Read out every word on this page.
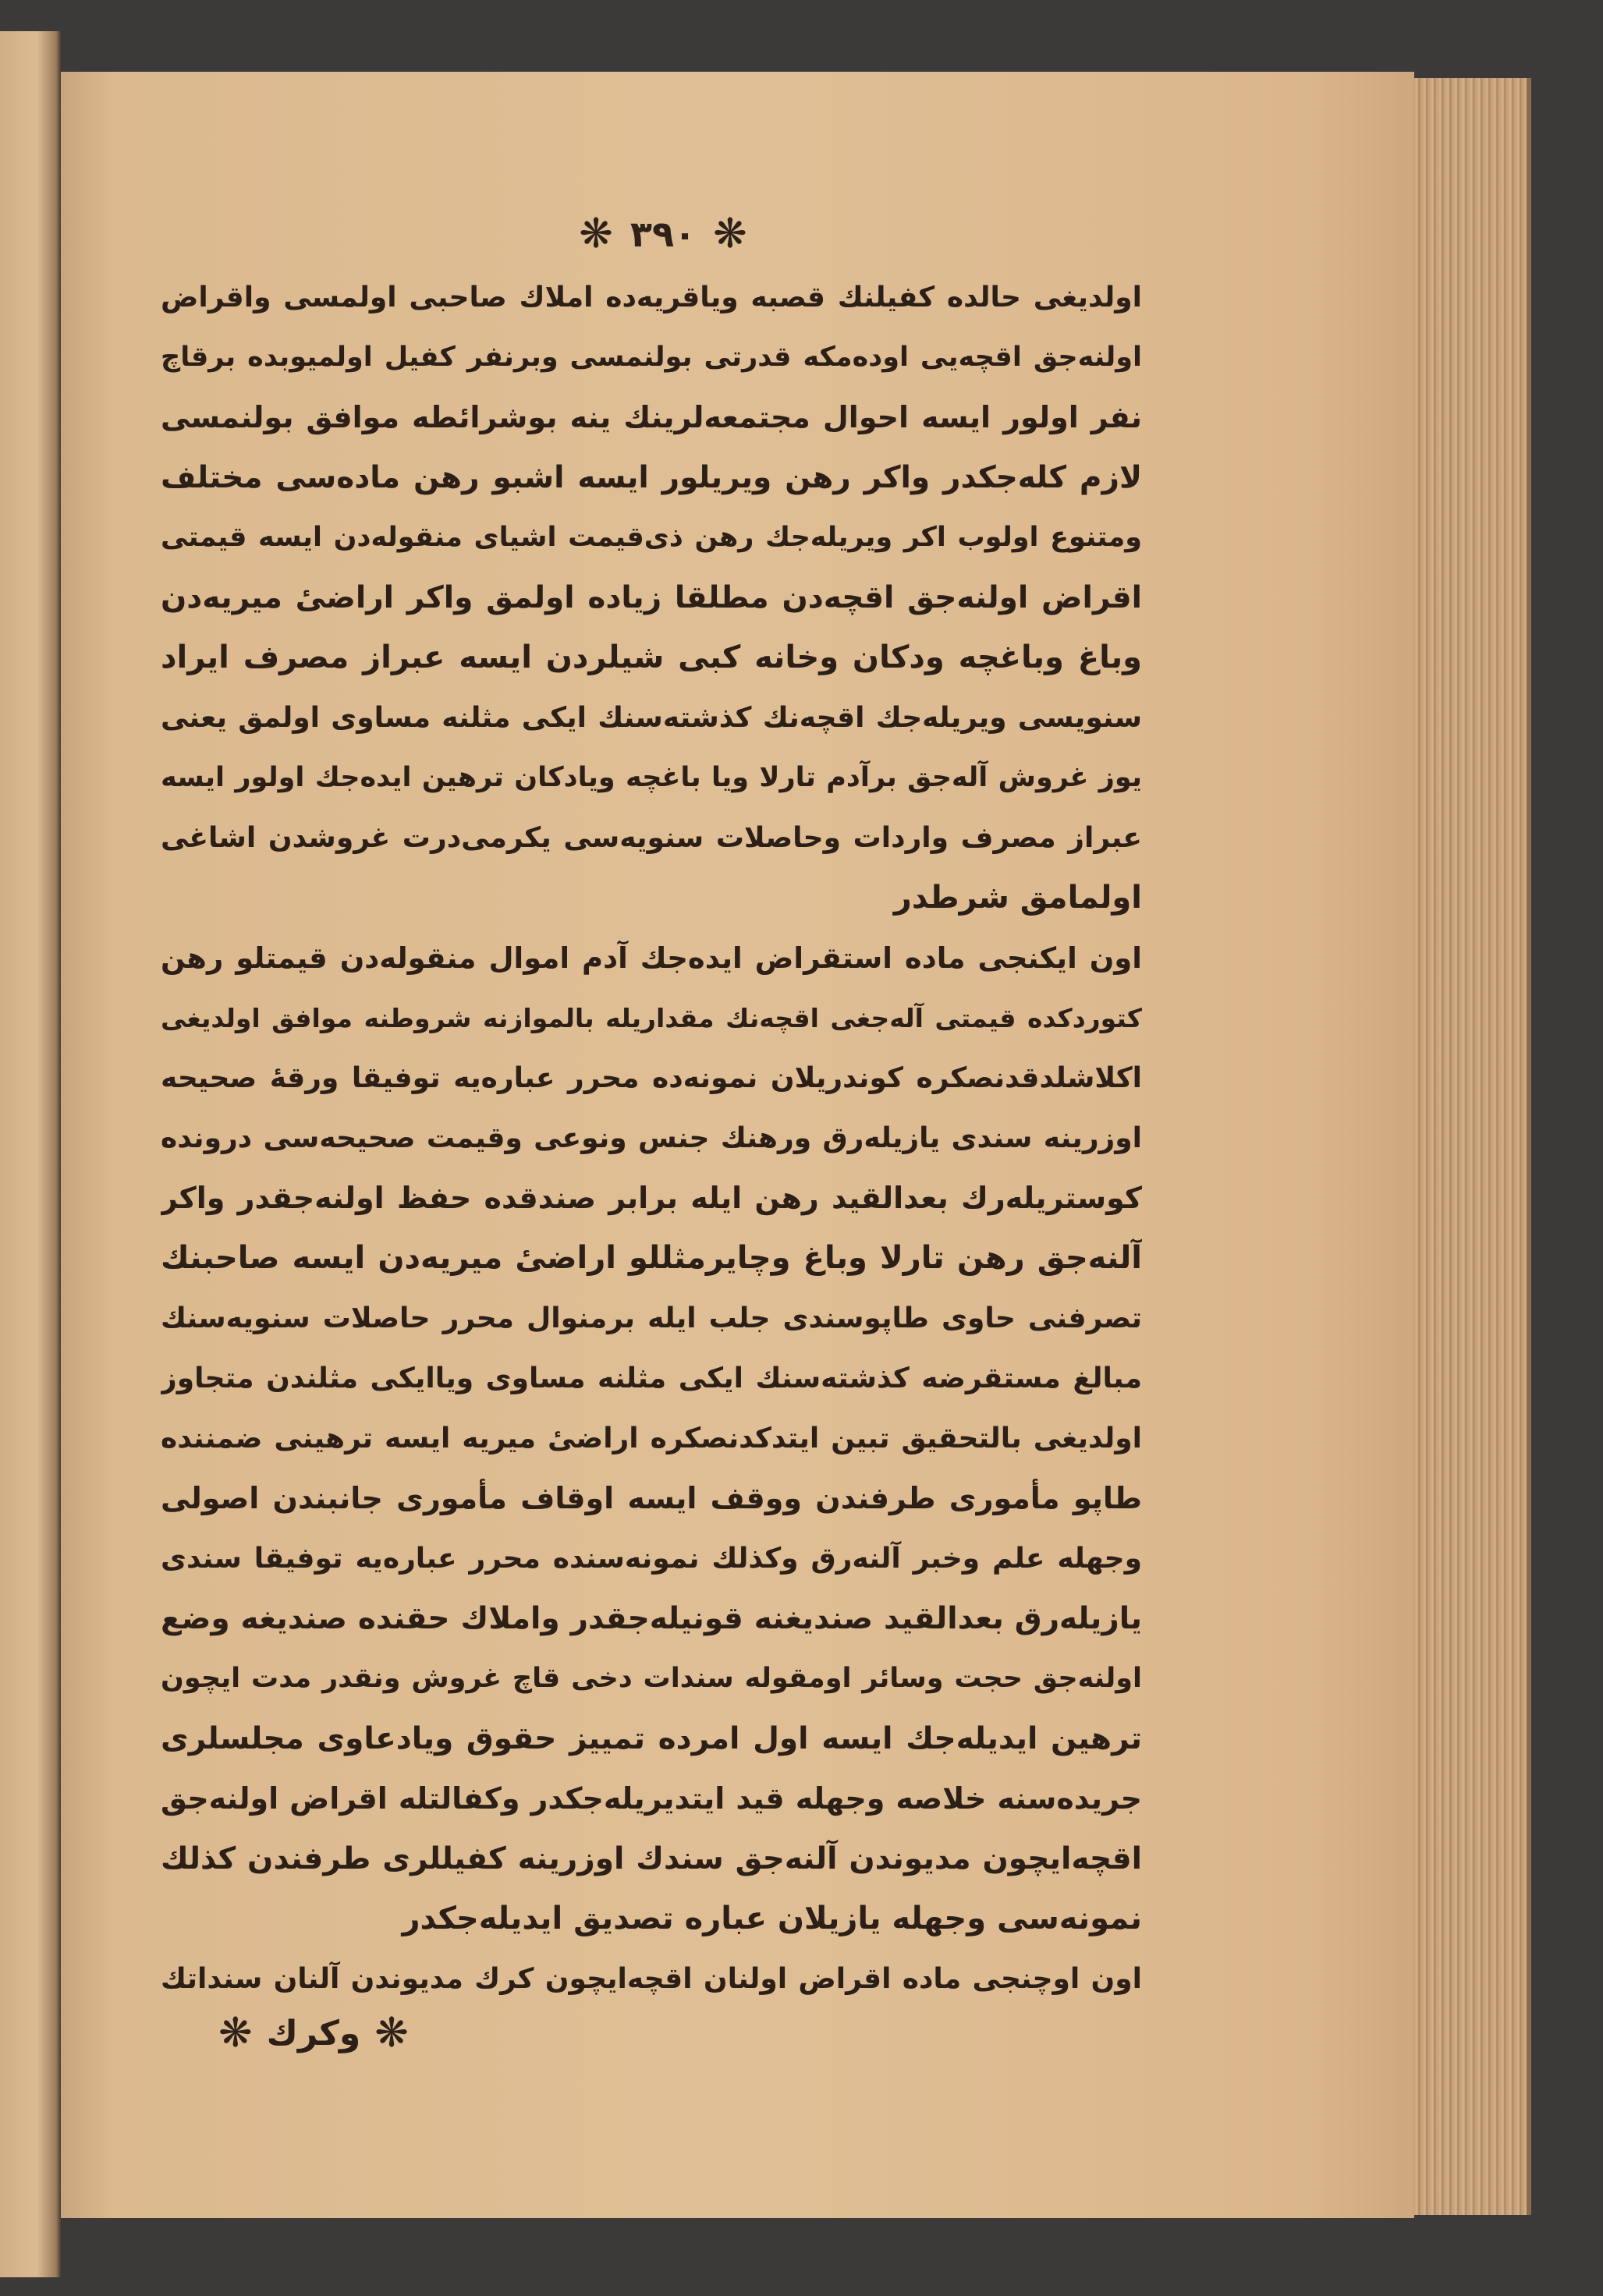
❋ ٣٩٠ ❋
اولدیغی حالده کفیلنك قصبه ویاقریه‌ده املاك صاحبی اولمسی واقراض
اولنه‌جق اقچه‌یی اوده‌مکه قدرتی بولنمسی وبرنفر کفیل اولمیوبده برقاچ
نفر اولور ایسه احوال مجتمعه‌لرینك ینه بوشرائطه موافق بولنمسی
لازم کله‌جکدر واکر رهن ویریلور ایسه اشبو رهن ماده‌سی مختلف
ومتنوع اولوب اکر ویریله‌جك رهن ذی‌قیمت اشیای منقوله‌دن ایسه قیمتی
اقراض اولنه‌جق اقچه‌دن مطلقا زیاده اولمق واکر اراضیٔ میریه‌دن
وباغ وباغچه ودکان وخانه کبی شیلردن ایسه عبراز مصرف ایراد
سنویسی ویریله‌جك اقچه‌نك کذشته‌سنك ایکی مثلنه مساوی اولمق یعنی
یوز غروش آله‌جق برآدم تارلا ویا باغچه ویادکان ترهین ایده‌جك اولور ایسه
عبراز مصرف واردات وحاصلات سنویه‌سی یکرمی‌درت غروشدن اشاغی
اولمامق شرطدر
اون ایکنجی ماده استقراض ایده‌جك آدم اموال منقوله‌دن قیمتلو رهن
کتوردکده قیمتی آله‌جغی اقچه‌نك مقداریله بالموازنه شروطنه موافق اولدیغی
اکلاشلدقدنصکره کوندریلان نمونه‌ده محرر عباره‌یه توفیقا ورقهٔ صحیحه
اوزرینه سندی یازیله‌رق ورهنك جنس ونوعی وقیمت صحیحه‌سی درونده
کوستریله‌رك بعدالقید رهن ایله برابر صندقده حفظ اولنه‌جقدر واکر
آلنه‌جق رهن تارلا وباغ وچایرمثللو اراضیٔ میریه‌دن ایسه صاحبنك
تصرفنی حاوی طاپوسندی جلب ایله برمنوال محرر حاصلات سنویه‌سنك
مبالغ مستقرضه کذشته‌سنك ایکی مثلنه مساوی ویاایکی مثلندن متجاوز
اولدیغی بالتحقیق تبین ایتدکدنصکره اراضیٔ میریه ایسه ترهینی ضمننده
طاپو مأموری طرفندن ووقف ایسه اوقاف مأموری جانبندن اصولی
وجهله علم وخبر آلنه‌رق وکذلك نمونه‌سنده محرر عباره‌یه توفیقا سندی
یازیله‌رق بعدالقید صندیغنه قونیله‌جقدر واملاك حقنده صندیغه وضع
اولنه‌جق حجت وسائر اومقوله سندات دخی قاچ غروش ونقدر مدت ایچون
ترهین ایدیله‌جك ایسه اول امرده تمییز حقوق ویادعاوی مجلسلری
جریده‌سنه خلاصه وجهله قید ایتدیریله‌جکدر وکفالتله اقراض اولنه‌جق
اقچه‌ایچون مدیوندن آلنه‌جق سندك اوزرینه کفیللری طرفندن کذلك
نمونه‌سی وجهله یازیلان عباره تصدیق ایدیله‌جکدر
اون اوچنجی ماده اقراض اولنان اقچه‌ایچون کرك مدیوندن آلنان سنداتك
❋
وکرك
❋
